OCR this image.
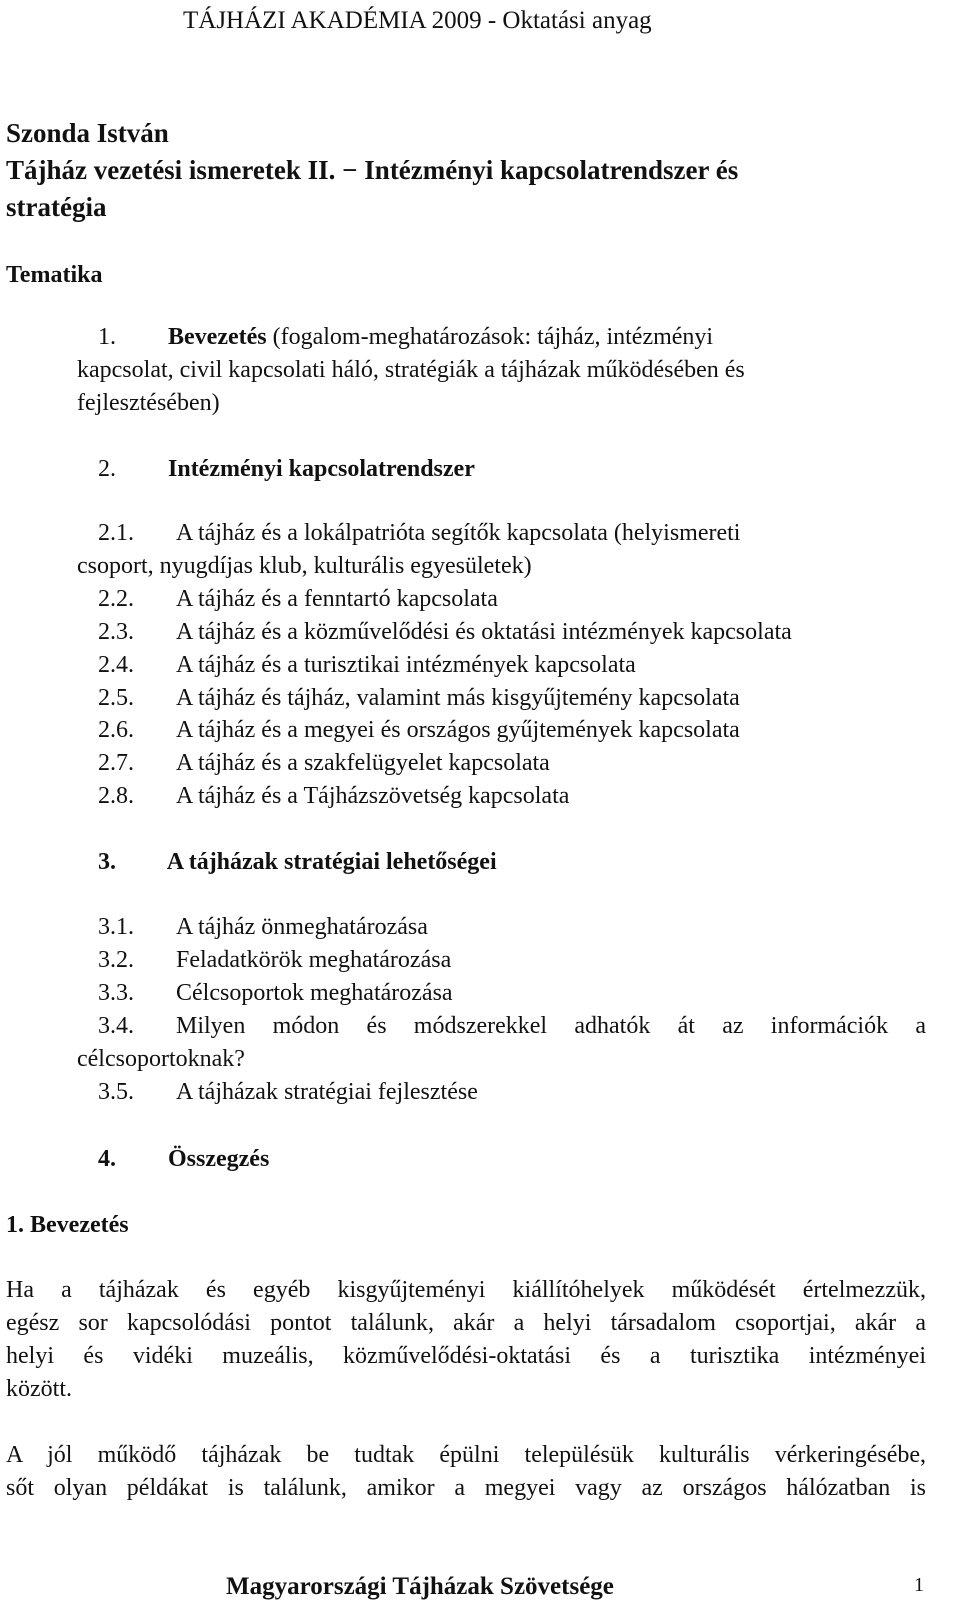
TÁJHÁZI AKADÉMIA 2009 - Oktatási anyag
Szonda István
Tájház vezetési ismeretek II. − Intézményi kapcsolatrendszer és
stratégia
Tematika
1. Bevezetés (fogalom-meghatározások: tájház, intézményi
kapcsolat, civil kapcsolati háló, stratégiák a tájházak működésében és
fejlesztésében)
2. Intézményi kapcsolatrendszer
2.1. A tájház és a lokálpatrióta segítők kapcsolata (helyismereti
csoport, nyugdíjas klub, kulturális egyesületek)
2.2. A tájház és a fenntartó kapcsolata
2.3. A tájház és a közművelődési és oktatási intézmények kapcsolata
2.4. A tájház és a turisztikai intézmények kapcsolata
2.5. A tájház és tájház, valamint más kisgyűjtemény kapcsolata
2.6. A tájház és a megyei és országos gyűjtemények kapcsolata
2.7. A tájház és a szakfelügyelet kapcsolata
2.8. A tájház és a Tájházszövetség kapcsolata
3. A tájházak stratégiai lehetőségei
3.1. A tájház önmeghatározása
3.2. Feladatkörök meghatározása
3.3. Célcsoportok meghatározása
3.4. Milyen módon és módszerekkel adhatók át az információk a
célcsoportoknak?
3.5. A tájházak stratégiai fejlesztése
4. Összegzés
1. Bevezetés
Ha a tájházak és egyéb kisgyűjteményi kiállítóhelyek működését értelmezzük,
egész sor kapcsolódási pontot találunk, akár a helyi társadalom csoportjai, akár a
helyi és vidéki muzeális, közművelődési-oktatási és a turisztika intézményei
között.
A jól működő tájházak be tudtak épülni településük kulturális vérkeringésébe,
sőt olyan példákat is találunk, amikor a megyei vagy az országos hálózatban is
Magyarországi Tájházak Szövetsége	1
